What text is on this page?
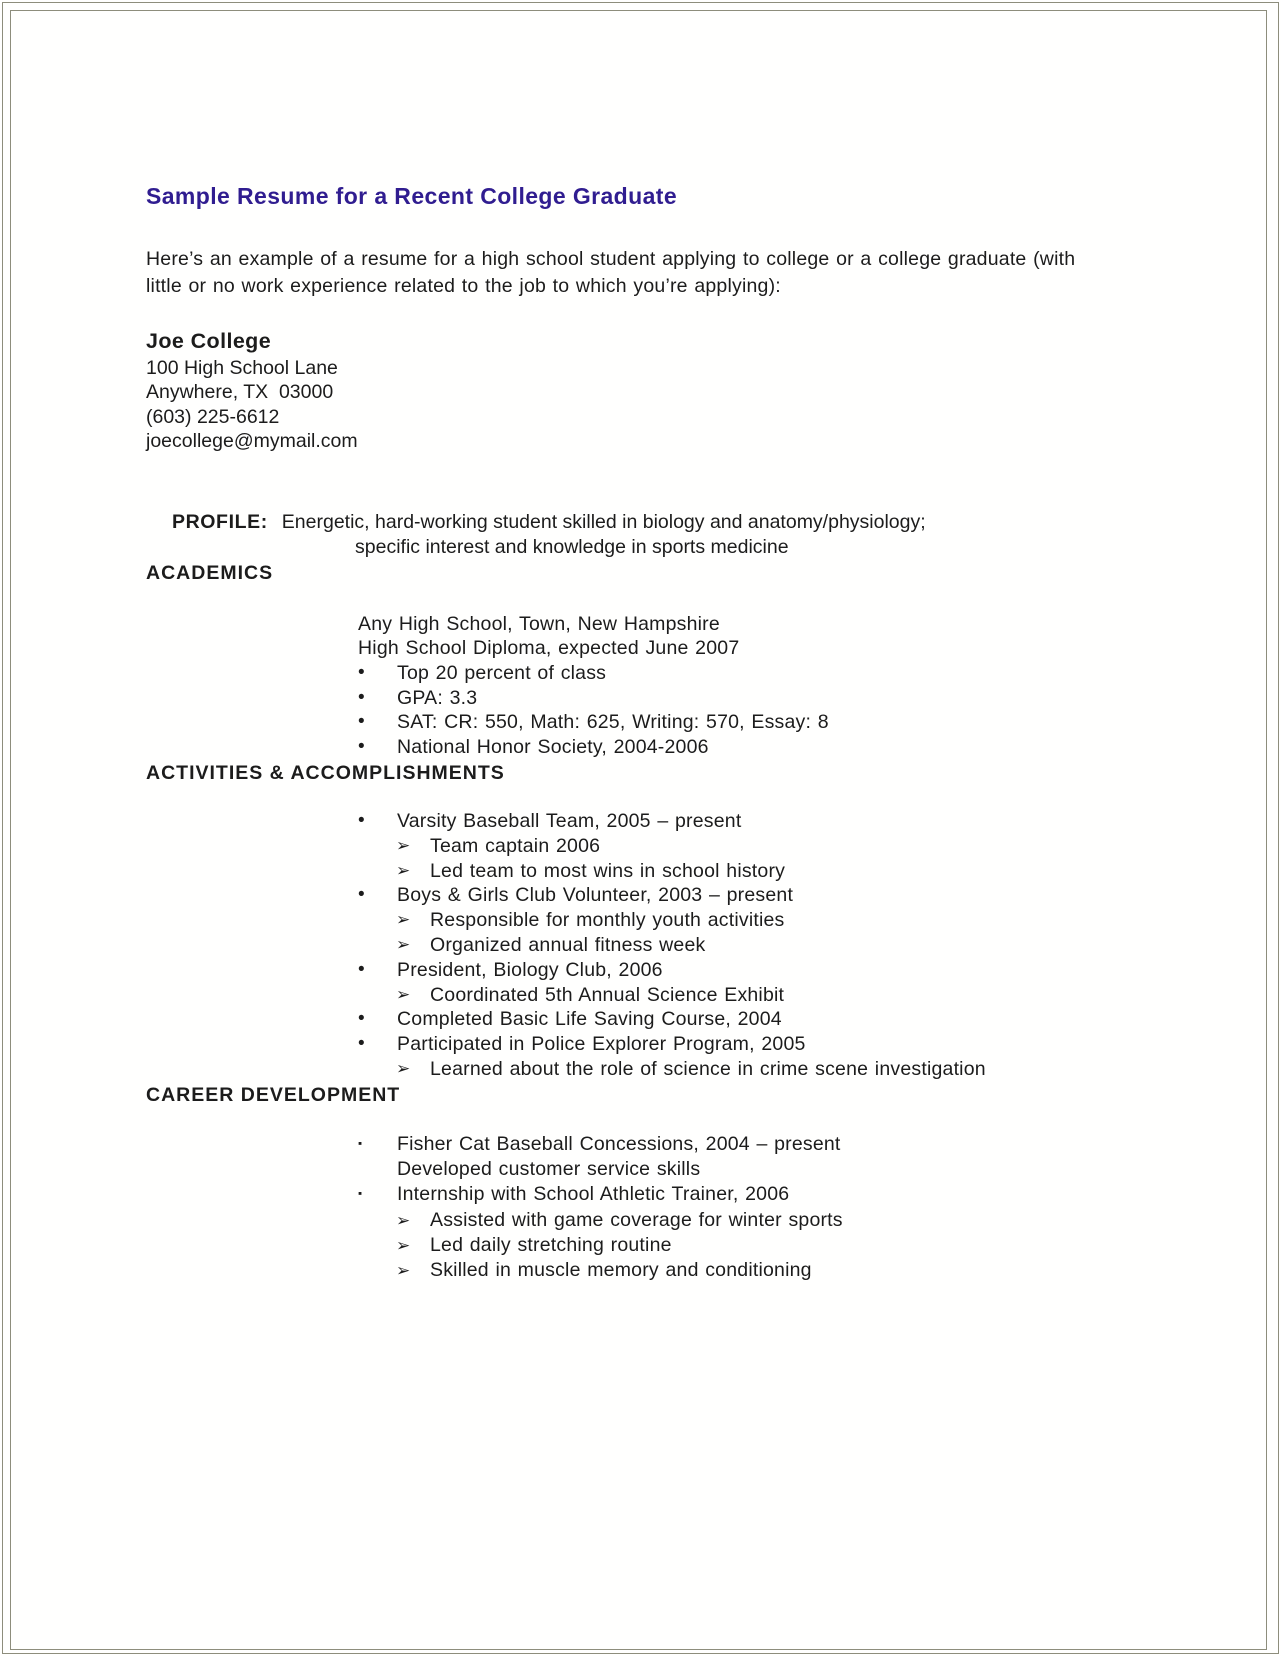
Sample Resume for a Recent College Graduate

Here’s an example of a resume for a high school student applying to college or a college graduate (with little or no work experience related to the job to which you’re applying):

Joe College
100 High School Lane
Anywhere, TX  03000
(603) 225-6612
joecollege@mymail.com
PROFILE: Energetic, hard-working student skilled in biology and anatomy/physiology;
specific interest and knowledge in sports medicine
ACADEMICS
Any High School, Town, New Hampshire
High School Diploma, expected June 2007
•	Top 20 percent of class
•	GPA: 3.3
•	SAT: CR: 550, Math: 625, Writing: 570, Essay: 8
•	National Honor Society, 2004-2006
ACTIVITIES & ACCOMPLISHMENTS
•	Varsity Baseball Team, 2005 – present
➢	Team captain 2006
➢	Led team to most wins in school history
•	Boys & Girls Club Volunteer, 2003 – present
➢	Responsible for monthly youth activities
➢	Organized annual fitness week
•	President, Biology Club, 2006
➢	Coordinated 5th Annual Science Exhibit
•	Completed Basic Life Saving Course, 2004
•	Participated in Police Explorer Program, 2005
➢	Learned about the role of science in crime scene investigation
CAREER DEVELOPMENT
▪	Fisher Cat Baseball Concessions, 2004 – present
Developed customer service skills
▪	Internship with School Athletic Trainer, 2006
➢	Assisted with game coverage for winter sports
➢	Led daily stretching routine
➢	Skilled in muscle memory and conditioning
